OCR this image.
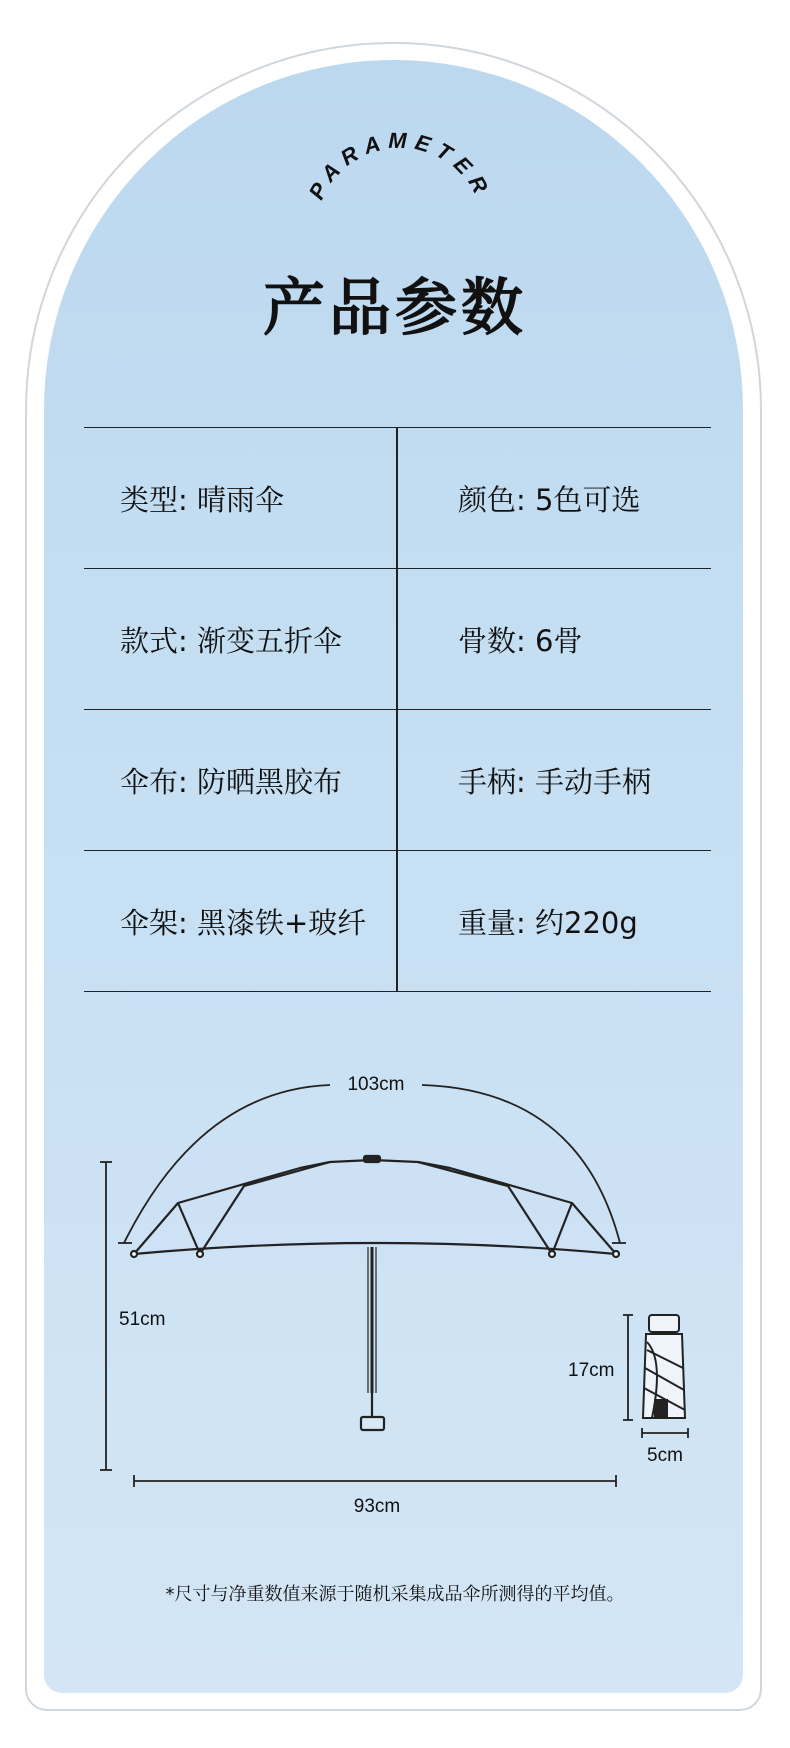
PARAMETER
产品参数
类型: 晴雨伞	颜色: 5色可选
款式: 渐变五折伞	骨数: 6骨
伞布: 防晒黑胶布	手柄: 手动手柄
伞架: 黑漆铁+玻纤	重量: 约220g
103cm
51cm
93cm
17cm
5cm
*尺寸与净重数值来源于随机采集成品伞所测得的平均值。
